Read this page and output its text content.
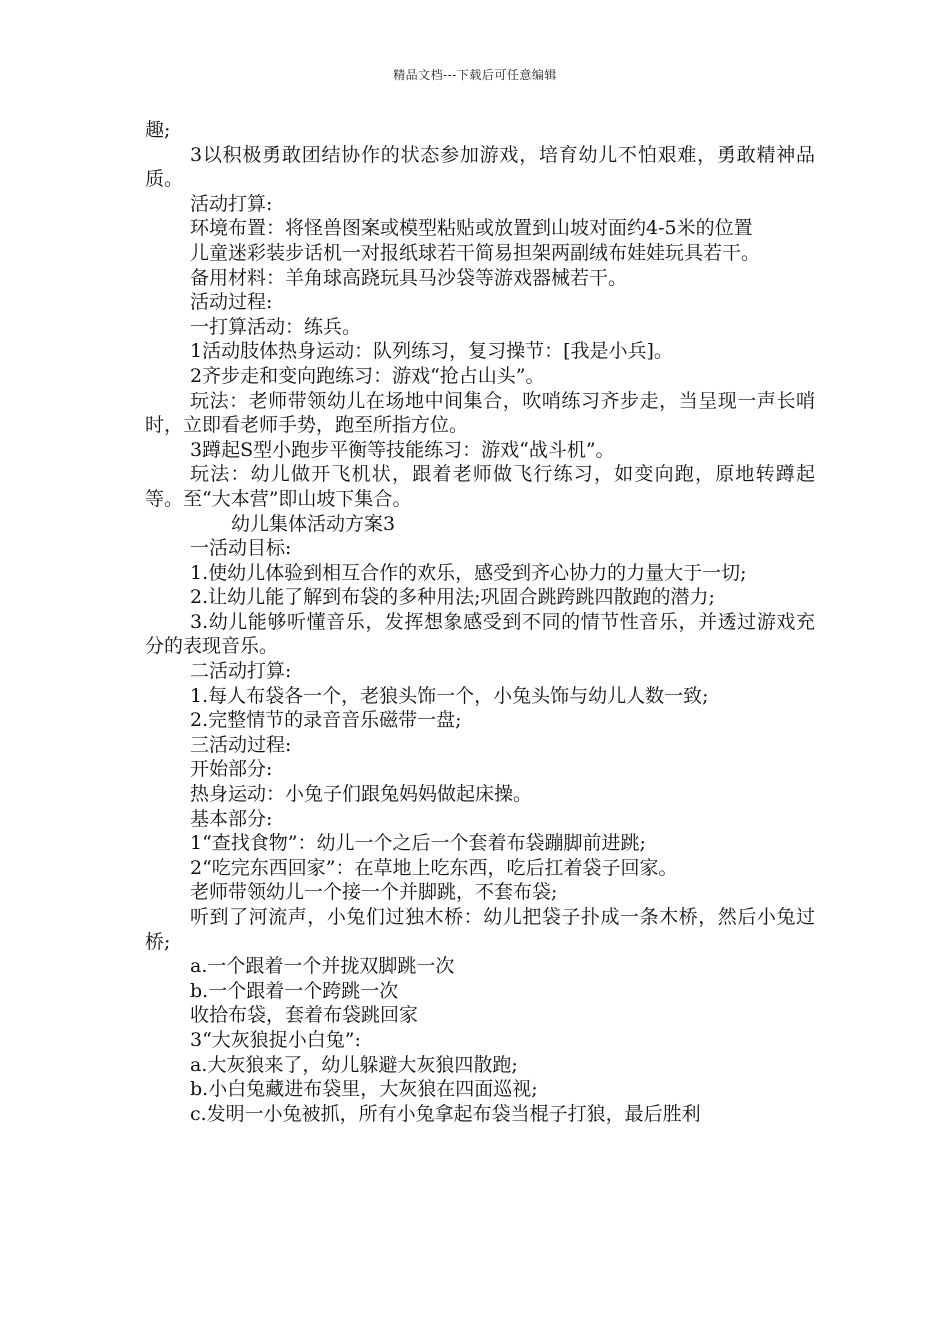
精品文档---下载后可任意编辑

趣;

3以积极勇敢团结协作的状态参加游戏，培育幼儿不怕艰难，勇敢精神品质。

活动打算:

环境布置：将怪兽图案或模型粘贴或放置到山坡对面约4-5米的位置

儿童迷彩装步话机一对报纸球若干简易担架两副绒布娃娃玩具若干。

备用材料：羊角球高跷玩具马沙袋等游戏器械若干。

活动过程:

一打算活动：练兵。

1活动肢体热身运动：队列练习，复习操节：[我是小兵]。

2齐步走和变向跑练习：游戏“抢占山头”。

玩法：老师带领幼儿在场地中间集合，吹哨练习齐步走，当呈现一声长哨时，立即看老师手势，跑至所指方位。

3蹲起S型小跑步平衡等技能练习：游戏“战斗机”。

玩法：幼儿做开飞机状，跟着老师做飞行练习，如变向跑，原地转蹲起等。至“大本营”即山坡下集合。

幼儿集体活动方案3

一活动目标:

1.使幼儿体验到相互合作的欢乐，感受到齐心协力的力量大于一切;

2.让幼儿能了解到布袋的多种用法;巩固合跳跨跳四散跑的潜力;

3.幼儿能够听懂音乐，发挥想象感受到不同的情节性音乐，并透过游戏充分的表现音乐。

二活动打算:

1.每人布袋各一个，老狼头饰一个，小兔头饰与幼儿人数一致;

2.完整情节的录音音乐磁带一盘;

三活动过程:

开始部分:

热身运动：小兔子们跟兔妈妈做起床操。

基本部分:

1“查找食物”：幼儿一个之后一个套着布袋蹦脚前进跳;

2“吃完东西回家”：在草地上吃东西，吃后扛着袋子回家。

老师带领幼儿一个接一个并脚跳，不套布袋;

听到了河流声，小兔们过独木桥：幼儿把袋子扑成一条木桥，然后小兔过桥;

a.一个跟着一个并拢双脚跳一次

b.一个跟着一个跨跳一次

收拾布袋，套着布袋跳回家

3“大灰狼捉小白兔”:

a.大灰狼来了，幼儿躲避大灰狼四散跑;

b.小白兔藏进布袋里，大灰狼在四面巡视;

c.发明一小兔被抓，所有小兔拿起布袋当棍子打狼，最后胜利
